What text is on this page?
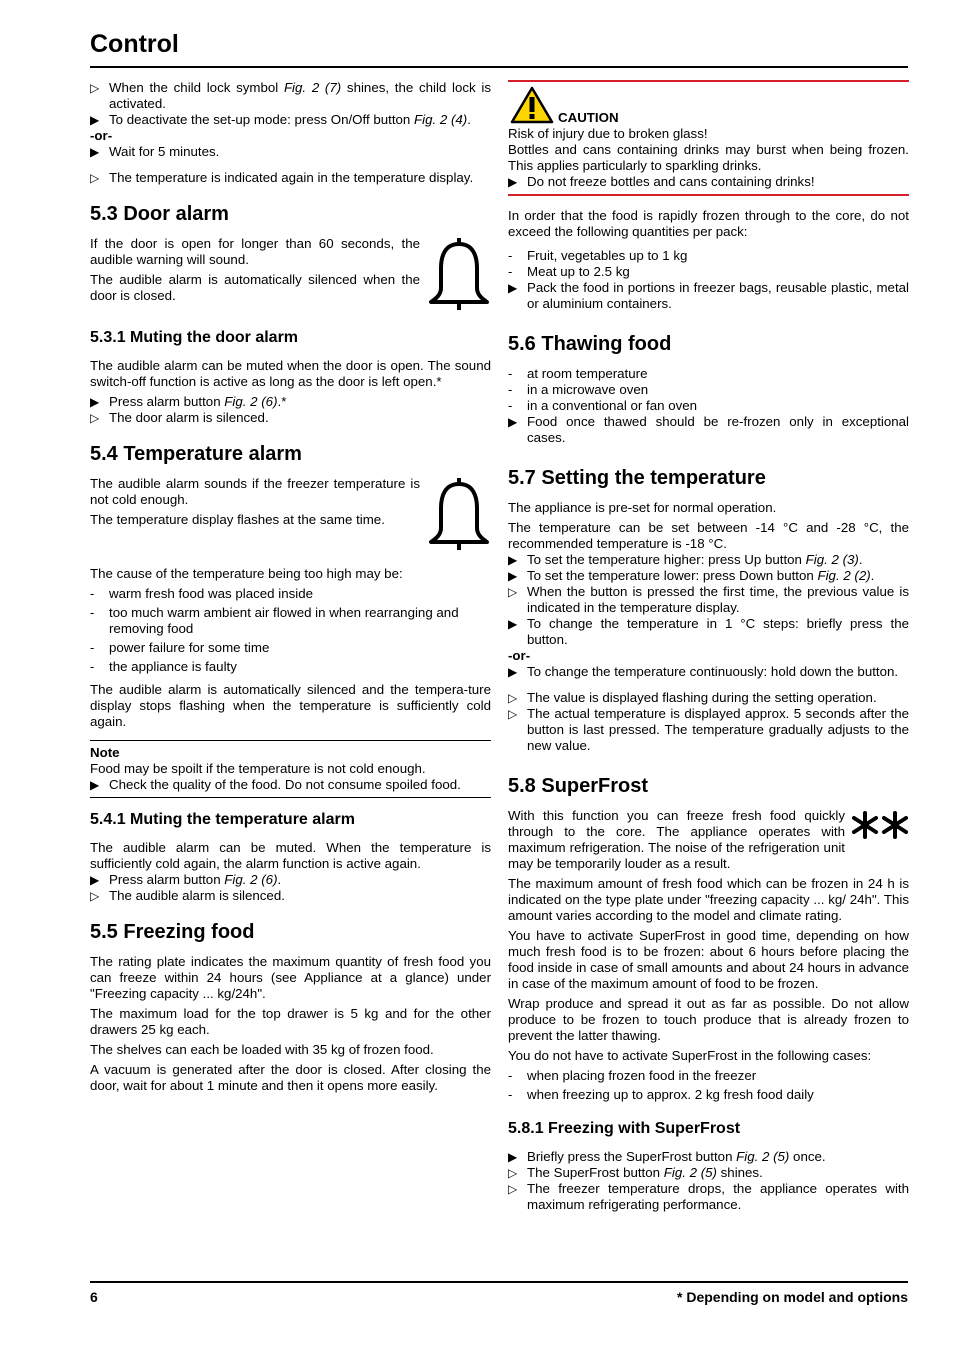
Control
▷ When the child lock symbol Fig. 2 (7) shines, the child lock is activated.
▶ To deactivate the set-up mode: press On/Off button Fig. 2 (4).
-or-
▶ Wait for 5 minutes.
▷ The temperature is indicated again in the temperature display.
5.3 Door alarm

If the door is open for longer than 60 seconds, the audible warning will sound.

The audible alarm is automatically silenced when the door is closed.

5.3.1 Muting the door alarm

The audible alarm can be muted when the door is open. The sound switch-off function is active as long as the door is left open.*

▶ Press alarm button Fig. 2 (6).*
▷ The door alarm is silenced.
5.4 Temperature alarm

The audible alarm sounds if the freezer temperature is not cold enough.

The temperature display flashes at the same time.

The cause of the temperature being too high may be:

-	warm fresh food was placed inside
-	too much warm ambient air flowed in when rearranging and removing food
-	power failure for some time
-	the appliance is faulty

The audible alarm is automatically silenced and the tempera-ture display stops flashing when the temperature is sufficiently cold again.

Note
Food may be spoilt if the temperature is not cold enough.
▶ Check the quality of the food. Do not consume spoiled food.
5.4.1 Muting the temperature alarm

The audible alarm can be muted. When the temperature is sufficiently cold again, the alarm function is active again.

▶ Press alarm button Fig. 2 (6).
▷ The audible alarm is silenced.
5.5 Freezing food

The rating plate indicates the maximum quantity of fresh food you can freeze within 24 hours (see Appliance at a glance) under "Freezing capacity ... kg/24h".

The maximum load for the top drawer is 5 kg and for the other drawers 25 kg each.

The shelves can each be loaded with 35 kg of frozen food.

A vacuum is generated after the door is closed. After closing the door, wait for about 1 minute and then it opens more easily.

CAUTION
Risk of injury due to broken glass!

Bottles and cans containing drinks may burst when being frozen. This applies particularly to sparkling drinks.

▶ Do not freeze bottles and cans containing drinks!

In order that the food is rapidly frozen through to the core, do not exceed the following quantities per pack:

-	Fruit, vegetables up to 1 kg
-	Meat up to 2.5 kg
▶ Pack the food in portions in freezer bags, reusable plastic, metal or aluminium containers.
5.6 Thawing food
-	at room temperature
-	in a microwave oven
-	in a conventional or fan oven
▶ Food once thawed should be re-frozen only in exceptional cases.
5.7 Setting the temperature

The appliance is pre-set for normal operation.

The temperature can be set between -14 °C and -28 °C, the recommended temperature is -18 °C.

▶ To set the temperature higher: press Up button Fig. 2 (3).
▶ To set the temperature lower: press Down button Fig. 2 (2).
▷ When the button is pressed the first time, the previous value is indicated in the temperature display.
▶ To change the temperature in 1 °C steps: briefly press the button.
-or-
▶ To change the temperature continuously: hold down the button.
▷ The value is displayed flashing during the setting operation.
▷ The actual temperature is displayed approx. 5 seconds after the button is last pressed. The temperature gradually adjusts to the new value.
5.8 SuperFrost

With this function you can freeze fresh food quickly through to the core. The appliance operates with maximum refrigeration. The noise of the refrigeration unit may be temporarily louder as a result.

The maximum amount of fresh food which can be frozen in 24 h is indicated on the type plate under "freezing capacity ... kg/ 24h". This amount varies according to the model and climate rating.

You have to activate SuperFrost in good time, depending on how much fresh food is to be frozen: about 6 hours before placing the food inside in case of small amounts and about 24 hours in advance in case of the maximum amount of food to be frozen.

Wrap produce and spread it out as far as possible. Do not allow produce to be frozen to touch produce that is already frozen to prevent the latter thawing.

You do not have to activate SuperFrost in the following cases:

-	when placing frozen food in the freezer
-	when freezing up to approx. 2 kg fresh food daily
5.8.1 Freezing with SuperFrost
▶ Briefly press the SuperFrost button Fig. 2 (5) once.
▷ The SuperFrost button Fig. 2 (5) shines.
▷ The freezer temperature drops, the appliance operates with maximum refrigerating performance.
6	* Depending on model and options
